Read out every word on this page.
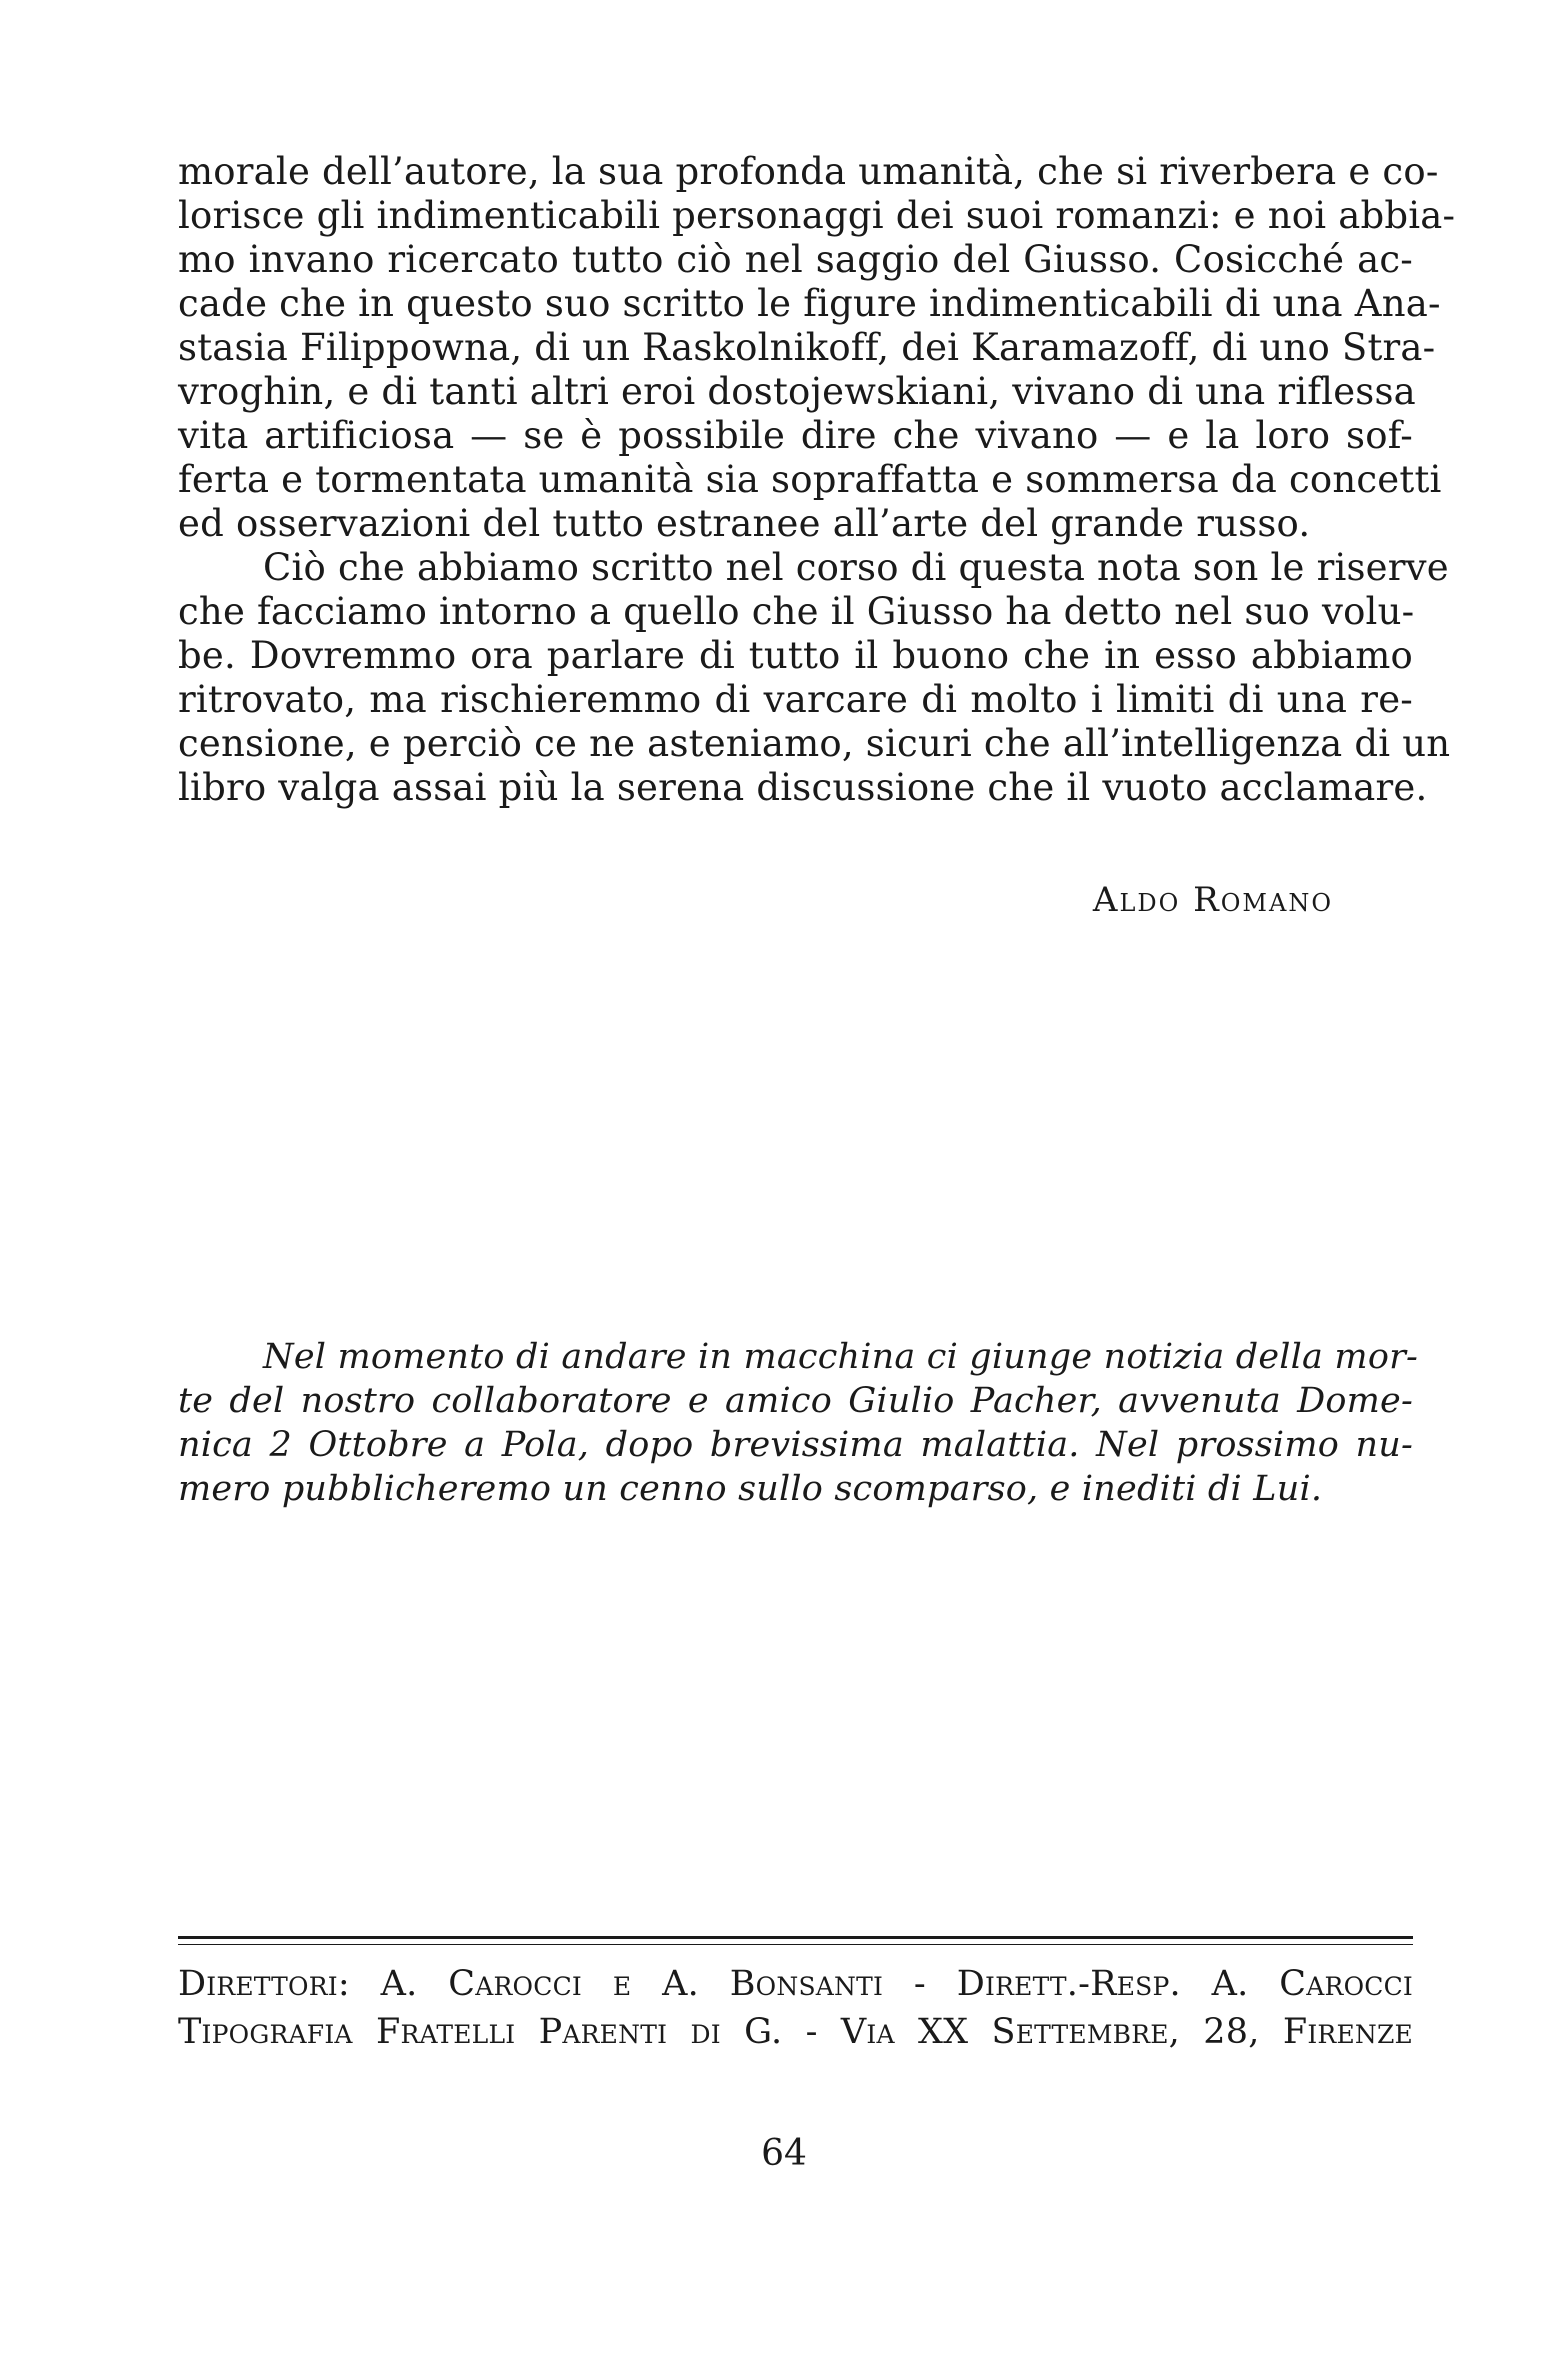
morale dell’autore, la sua profonda umanità, che si riverbera e co-
lorisce gli indimenticabili personaggi dei suoi romanzi: e noi abbia-
mo invano ricercato tutto ciò nel saggio del Giusso. Cosicché ac-
cade che in questo suo scritto le figure indimenticabili di una Ana-
stasia Filippowna, di un Raskolnikoff, dei Karamazoff, di uno Stra-
vroghin, e di tanti altri eroi dostojewskiani, vivano di una riflessa
vita artificiosa — se è possibile dire che vivano — e la loro sof-
ferta e tormentata umanità sia sopraffatta e sommersa da concetti
ed osservazioni del tutto estranee all’arte del grande russo.
Ciò che abbiamo scritto nel corso di questa nota son le riserve
che facciamo intorno a quello che il Giusso ha detto nel suo volu-
be. Dovremmo ora parlare di tutto il buono che in esso abbiamo
ritrovato, ma rischieremmo di varcare di molto i limiti di una re-
censione, e perciò ce ne asteniamo, sicuri che all’intelligenza di un
libro valga assai più la serena discussione che il vuoto acclamare.
Aldo Romano
Nel momento di andare in macchina ci giunge notizia della mor-
te del nostro collaboratore e amico Giulio Pacher, avvenuta Dome-
nica 2 Ottobre a Pola, dopo brevissima malattia. Nel prossimo nu-
mero pubblicheremo un cenno sullo scomparso, e inediti di Lui.
Direttori: A. Carocci e A. Bonsanti - Dirett.-Resp. A. Carocci
Tipografia Fratelli Parenti di G. - Via XX Settembre, 28, Firenze
64
